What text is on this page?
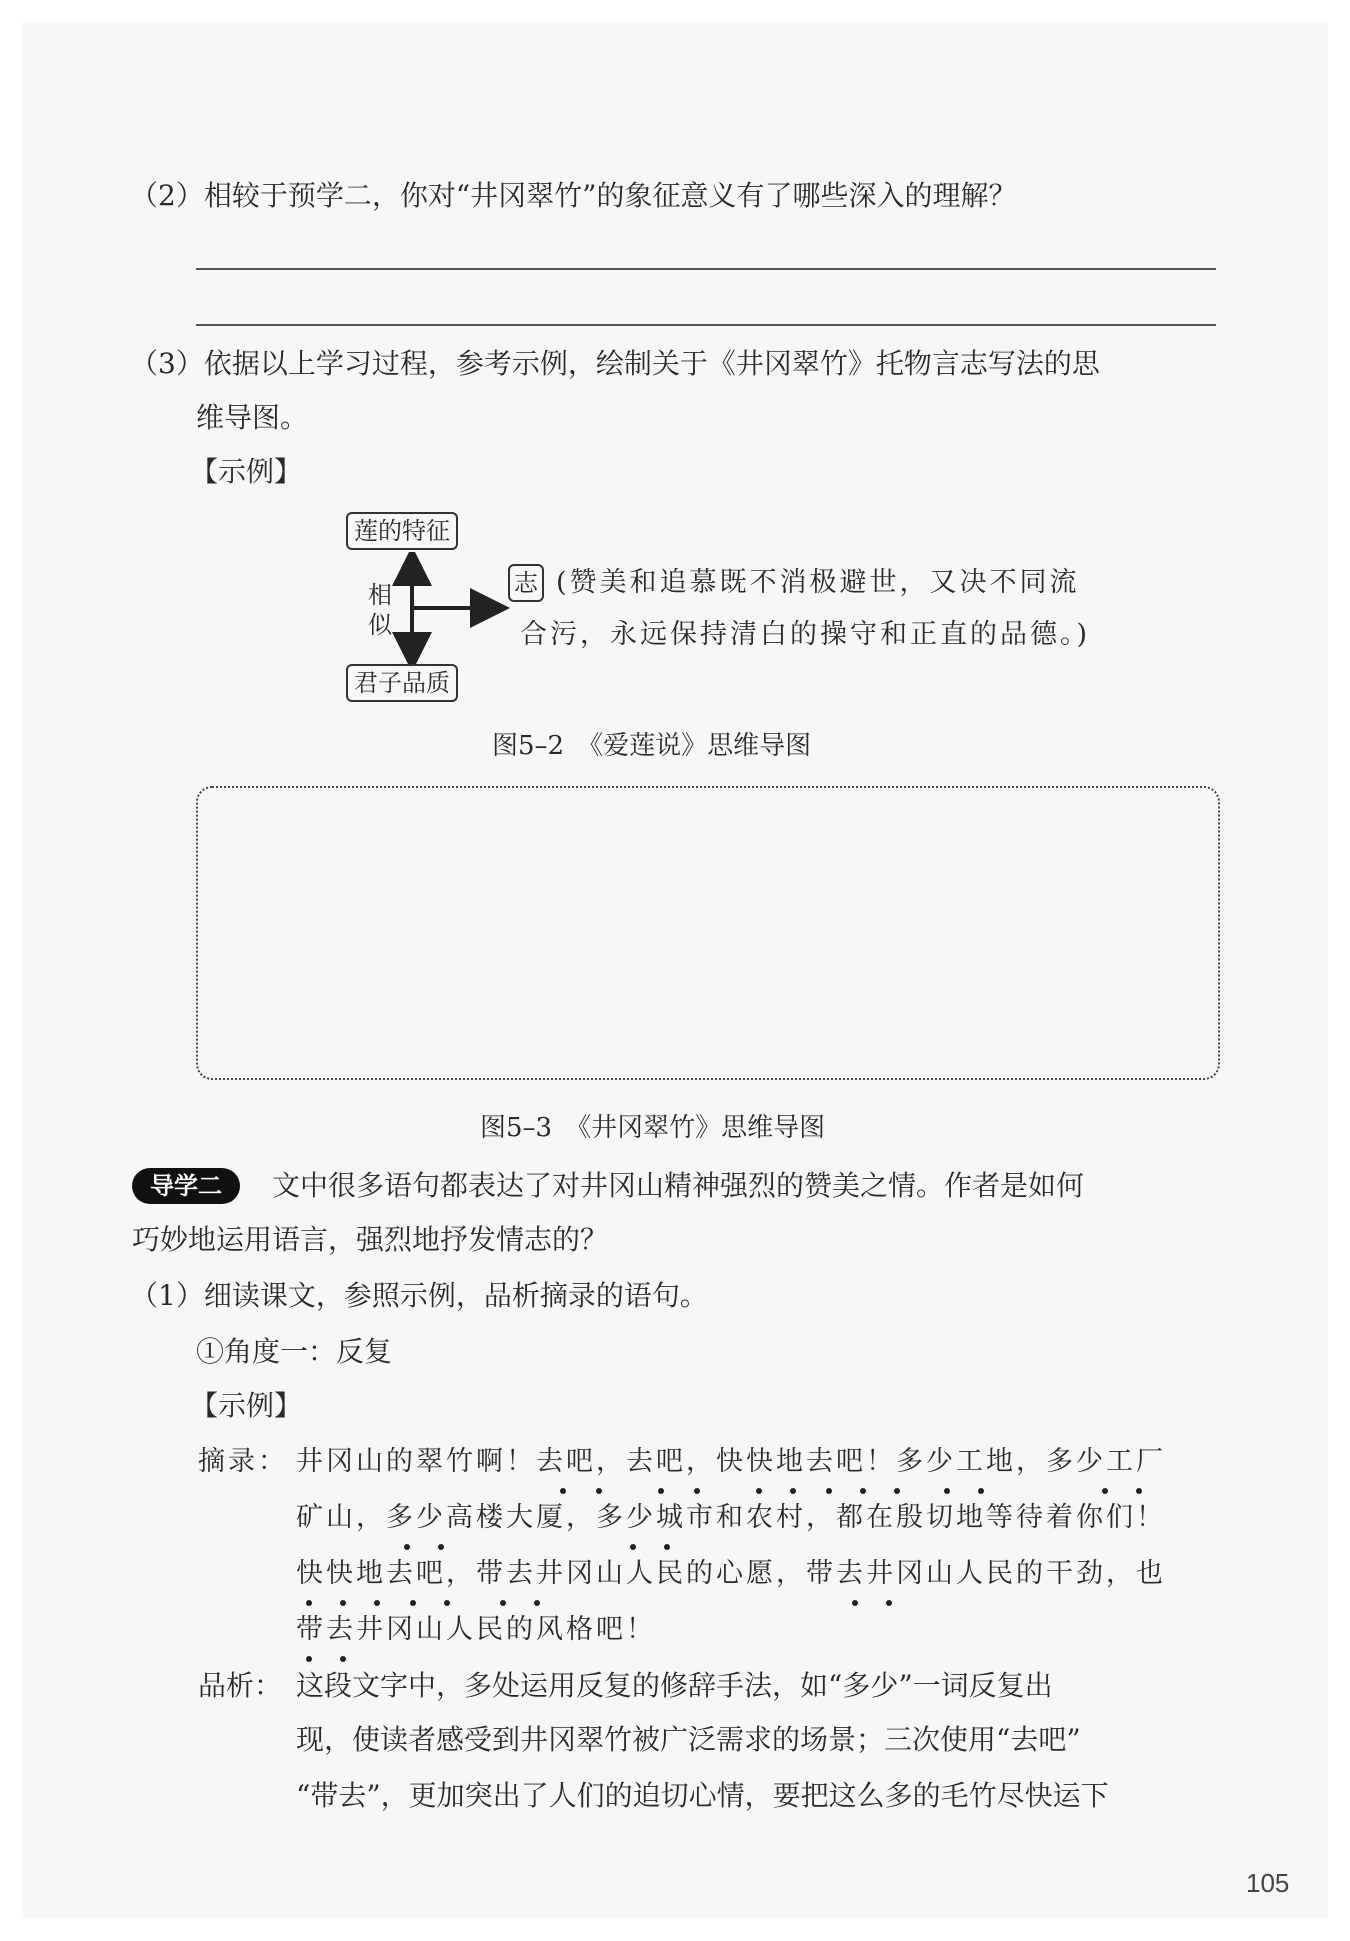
（2）相较于预学二，你对“井冈翠竹”的象征意义有了哪些深入的理解？
（3）依据以上学习过程，参考示例，绘制关于《井冈翠竹》托物言志写法的思
维导图。
【示例】
莲的特征
君子品质
相
似
志 (赞美和追慕既不消极避世，又决不同流
合污，永远保持清白的操守和正直的品德。)
图5–2　《爱莲说》思维导图
图5–3　《井冈翠竹》思维导图
导学二	文中很多语句都表达了对井冈山精神强烈的赞美之情。作者是如何
巧妙地运用语言，强烈地抒发情志的？
（1）细读课文，参照示例，品析摘录的语句。
①角度一：反复
【示例】
摘录： 井冈山的翠竹啊！去吧，去吧，快快地去吧！多少工地，多少工厂
矿山，多少高楼大厦，多少城市和农村，都在殷切地等待着你们！
快快地去吧，带去井冈山人民的心愿，带去井冈山人民的干劲，也
带去井冈山人民的风格吧！
品析： 这段文字中，多处运用反复的修辞手法，如“多少”一词反复出
现，使读者感受到井冈翠竹被广泛需求的场景；三次使用“去吧”
“带去”，更加突出了人们的迫切心情，要把这么多的毛竹尽快运下
105
